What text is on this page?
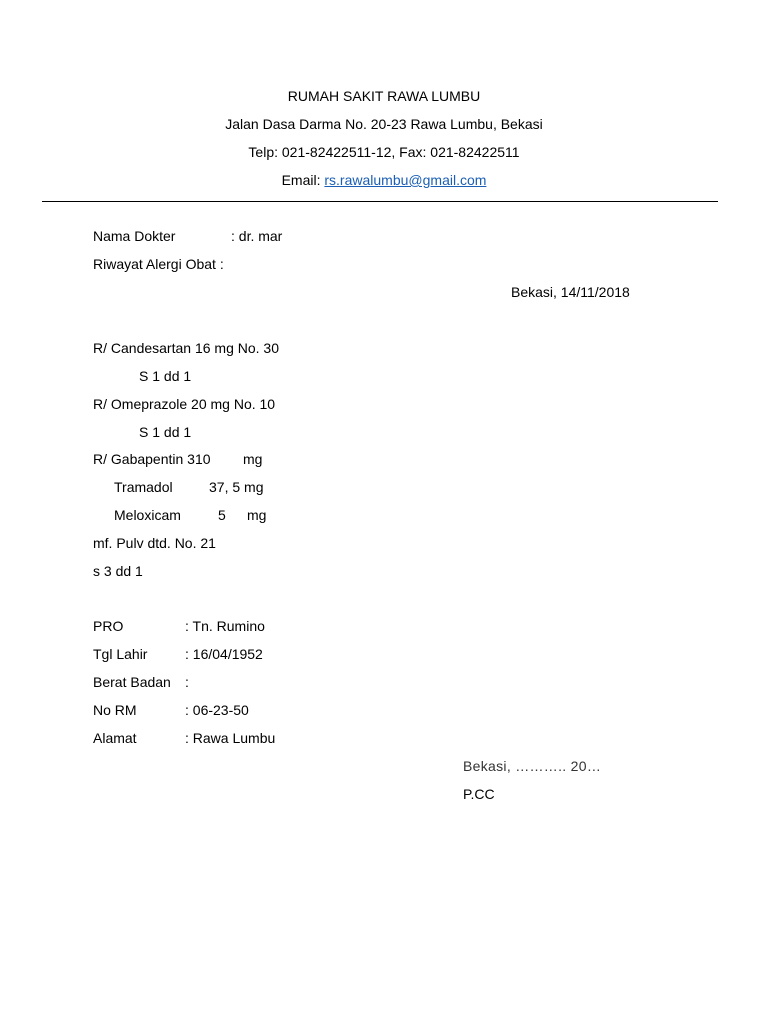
RUMAH SAKIT RAWA LUMBU
Jalan Dasa Darma No. 20-23 Rawa Lumbu, Bekasi
Telp: 021-82422511-12, Fax: 021-82422511
Email: rs.rawalumbu@gmail.com
Nama Dokter	: dr. mar
Riwayat Alergi Obat :
Bekasi, 14/11/2018
R/ Candesartan 16 mg No. 30
S 1 dd 1
R/ Omeprazole 20 mg No. 10
S 1 dd 1
R/ Gabapentin 310 mg
Tramadol	37, 5 mg
Meloxicam	5 mg
mf. Pulv dtd. No. 21
s 3 dd 1
PRO	: Tn. Rumino
Tgl Lahir	: 16/04/1952
Berat Badan :
No RM	: 06-23-50
Alamat	: Rawa Lumbu
Bekasi, ……….. 20…
P.CC
